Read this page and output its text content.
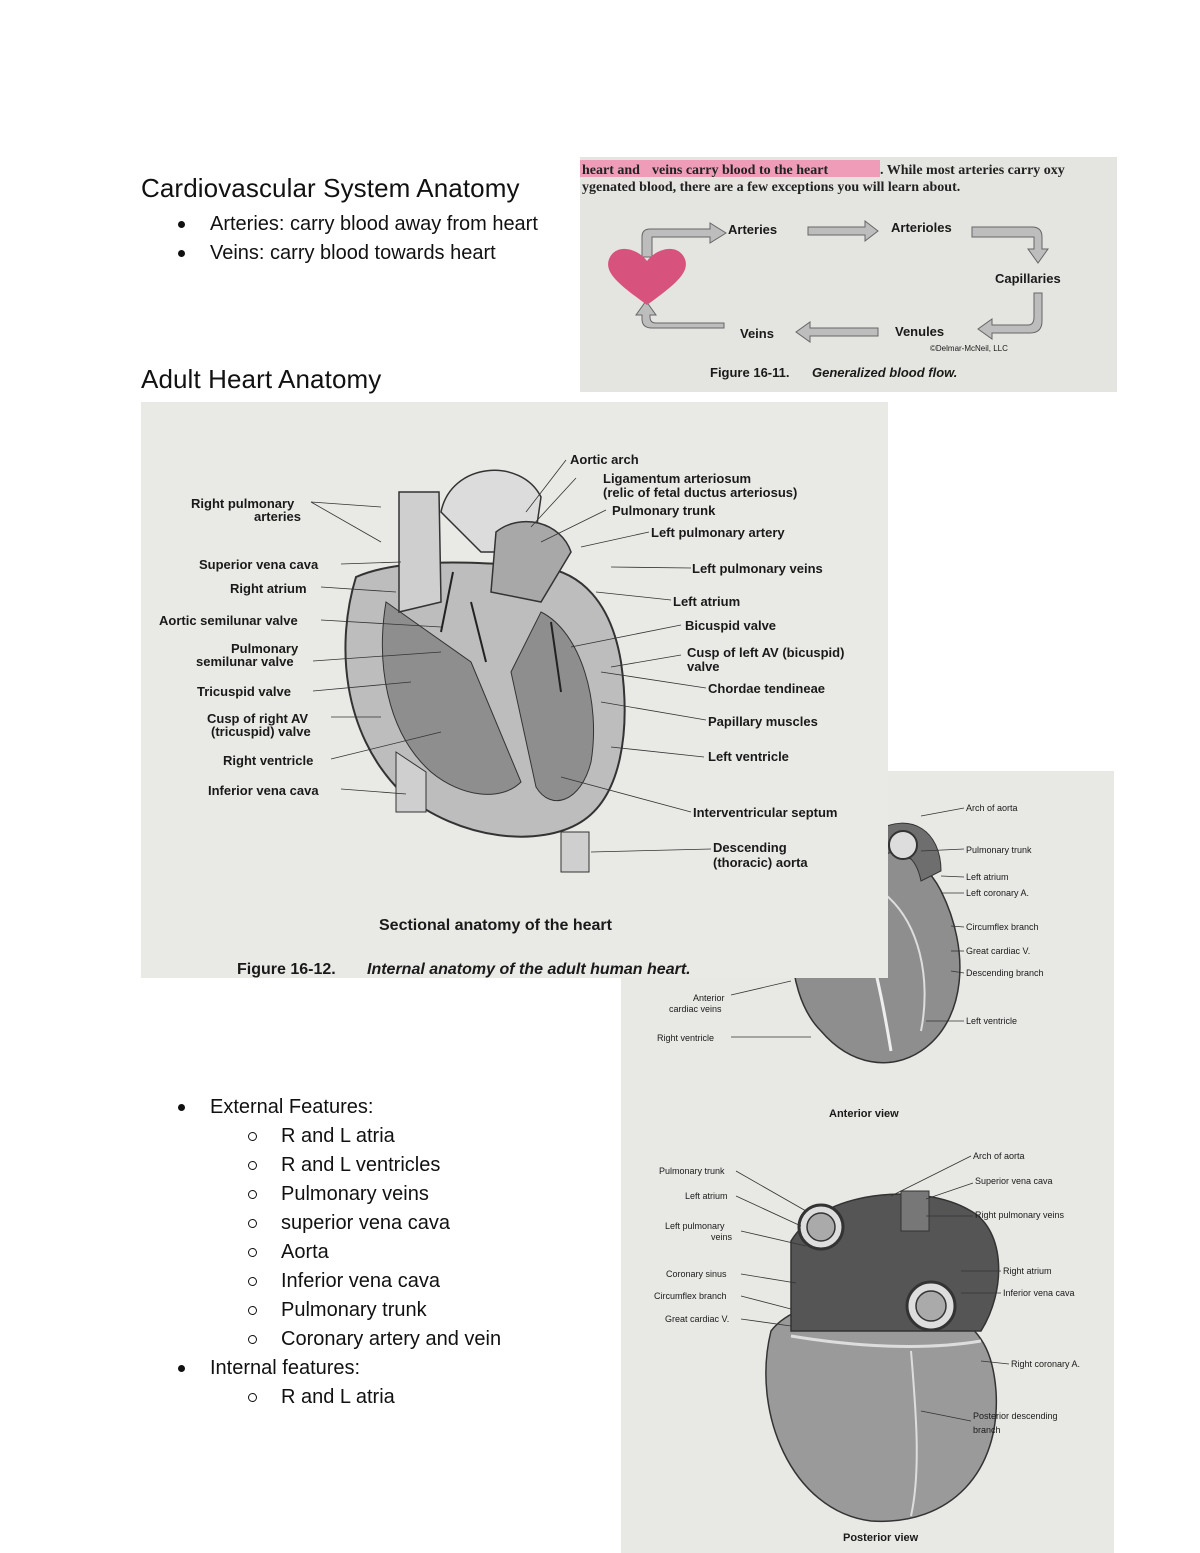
Cardiovascular System Anatomy
Arteries: carry blood away from heart
Veins: carry blood towards heart
Adult Heart Anatomy
heart and veins carry blood to the heart	. While most arteries carry oxy
ygenated blood, there are a few exceptions you will learn about.
Arteries	Arterioles
Capillaries
Venules
Veins
©Delmar-McNeil, LLC
Figure 16-11. Generalized blood flow.
Arch of aorta
Pulmonary trunk
Left atrium
Left coronary A.
Circumflex branch
Great cardiac V.
Descending branch
Anterior
cardiac veins
Right ventricle
Left ventricle
Anterior view
Arch of aorta
Superior vena cava
Right pulmonary veins
Pulmonary trunk
Left atrium
Left pulmonary
veins
Coronary sinus
Circumflex branch
Great cardiac V.
Right atrium
Inferior vena cava
Right coronary A.
Posterior descending
branch
Posterior view
Right pulmonary
arteries
Superior vena cava
Right atrium
Aortic semilunar valve
Pulmonary
semilunar valve
Tricuspid valve
Cusp of right AV
(tricuspid) valve
Right ventricle
Inferior vena cava
Aortic arch
Ligamentum arteriosum
(relic of fetal ductus arteriosus)
Pulmonary trunk
Left pulmonary artery
Left pulmonary veins
Left atrium
Bicuspid valve
Cusp of left AV (bicuspid)
valve
Chordae tendineae
Papillary muscles
Left ventricle
Interventricular septum
Descending
(thoracic) aorta
Sectional anatomy of the heart
Figure 16-12. Internal anatomy of the adult human heart.
External Features:
R and L atria
R and L ventricles
Pulmonary veins
superior vena cava
Aorta
Inferior vena cava
Pulmonary trunk
Coronary artery and vein
Internal features:
R and L atria
